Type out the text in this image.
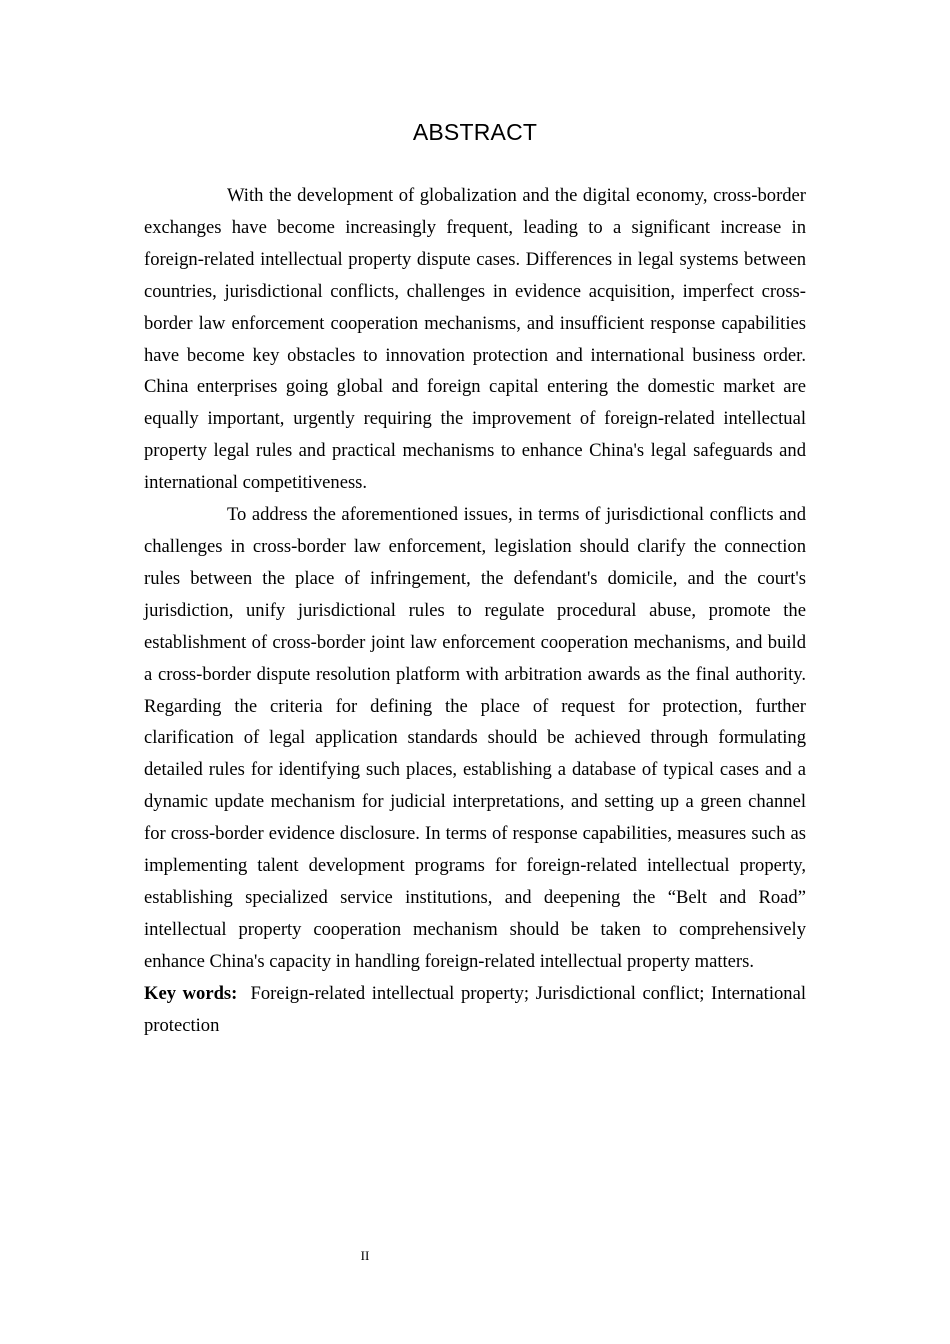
ABSTRACT

With the development of globalization and the digital economy, cross-border exchanges have become increasingly frequent, leading to a significant increase in foreign-related intellectual property dispute cases. Differences in legal systems between countries, jurisdictional conflicts, challenges in evidence acquisition, imperfect cross-border law enforcement cooperation mechanisms, and insufficient response capabilities have become key obstacles to innovation protection and international business order. China enterprises going global and foreign capital entering the domestic market are equally important, urgently requiring the improvement of foreign-related intellectual property legal rules and practical mechanisms to enhance China's legal safeguards and international competitiveness.

To address the aforementioned issues, in terms of jurisdictional conflicts and challenges in cross-border law enforcement, legislation should clarify the connection rules between the place of infringement, the defendant's domicile, and the court's jurisdiction, unify jurisdictional rules to regulate procedural abuse, promote the establishment of cross-border joint law enforcement cooperation mechanisms, and build a cross-border dispute resolution platform with arbitration awards as the final authority. Regarding the criteria for defining the place of request for protection, further clarification of legal application standards should be achieved through formulating detailed rules for identifying such places, establishing a database of typical cases and a dynamic update mechanism for judicial interpretations, and setting up a green channel for cross-border evidence disclosure. In terms of response capabilities, measures such as implementing talent development programs for foreign-related intellectual property, establishing specialized service institutions, and deepening the “Belt and Road” intellectual property cooperation mechanism should be taken to comprehensively enhance China's capacity in handling foreign-related intellectual property matters.

Key words: Foreign-related intellectual property; Jurisdictional conflict; International protection

II
